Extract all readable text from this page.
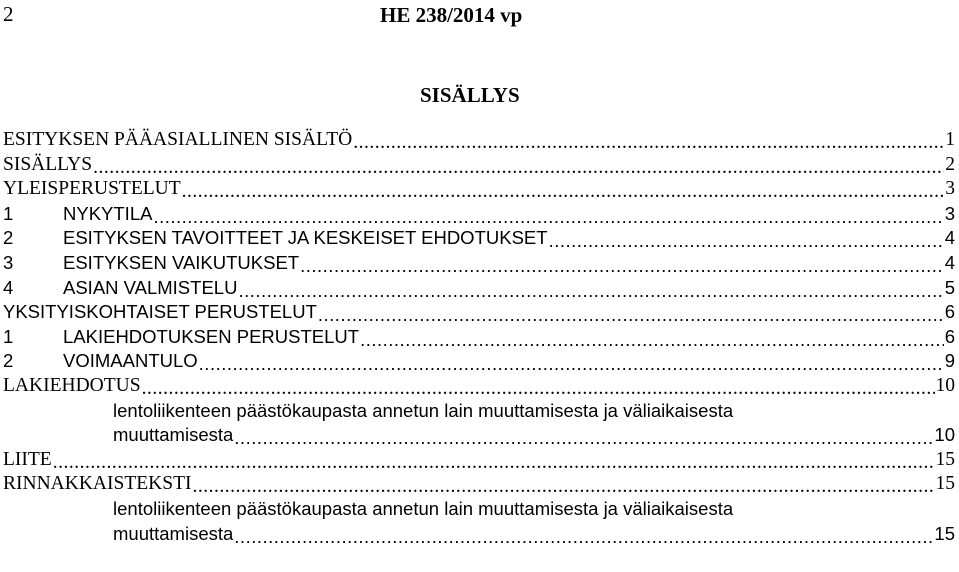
2	HE 238/2014 vp
SISÄLLYS
ESITYKSEN PÄÄASIALLINEN SISÄLTÖ .....	1
SISÄLLYS .....	2
YLEISPERUSTELUT .....	3
1	NYKYTILA .....	3
2	ESITYKSEN TAVOITTEET JA KESKEISET EHDOTUKSET .....	4
3	ESITYKSEN VAIKUTUKSET .....	4
4	ASIAN VALMISTELU .....	5
YKSITYISKOHTAISET PERUSTELUT .....	6
1	LAKIEHDOTUKSEN PERUSTELUT .....	6
2	VOIMAANTULO .....	9
LAKIEHDOTUS .....	10
lentoliikenteen päästökaupasta annetun lain muuttamisesta ja väliaikaisesta
muuttamisesta .....	10
LIITE .....	15
RINNAKKAISTEKSTI .....	15
lentoliikenteen päästökaupasta annetun lain muuttamisesta ja väliaikaisesta
muuttamisesta .....	15
